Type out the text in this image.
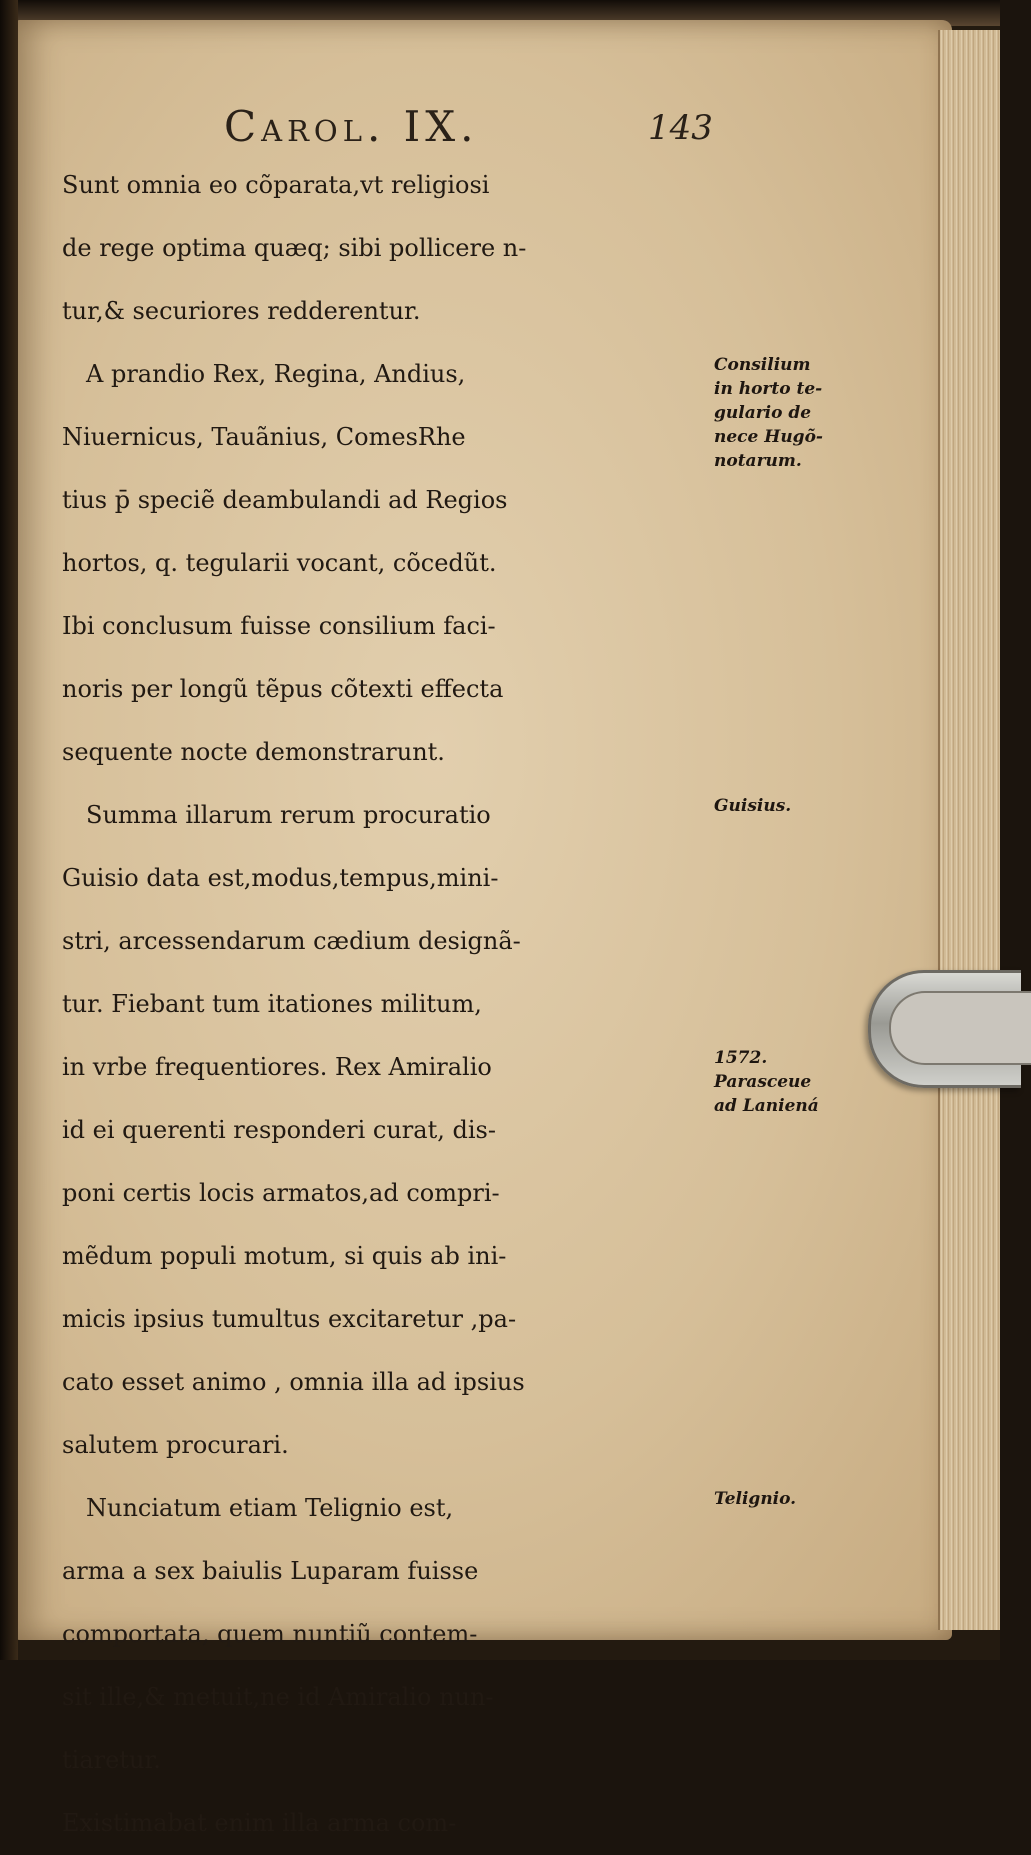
Carol. IX.	143
Sunt omnia eo cõparata,vt religiosi
de rege optima quæq; sibi pollicere n-
tur,& securiores redderentur.
A prandio Rex, Regina, Andius,
Niuernicus, Tauãnius, ComesRhe
tius p̄ speciẽ deambulandi ad Regios
hortos, q. tegularii vocant, cõcedũt.
Ibi conclusum fuisse consilium faci-
noris per longũ tẽpus cõtexti effecta
sequente nocte demonstrarunt.
Summa illarum rerum procuratio
Guisio data est,modus,tempus,mini-
stri, arcessendarum cædium designã-
tur. Fiebant tum itationes militum,
in vrbe frequentiores. Rex Amiralio
id ei querenti responderi curat, dis-
poni certis locis armatos,ad compri-
mẽdum populi motum, si quis ab ini-
micis ipsius tumultus excitaretur ,pa-
cato esset animo , omnia illa ad ipsius
salutem procurari.
Nunciatum etiam Telignio est,
arma a sex baiulis Luparam fuisse
comportata, quem nuntiũ contem-
sit ille,& metuit,ne id Amiralio nun-
tiaretur.
Existimabat enim illa arma com-
Consilium
in horto te-
gulario de
nece Hugõ-
notarum.
Guisius.
1572.
Parasceue
ad Laniená
Telignio.
